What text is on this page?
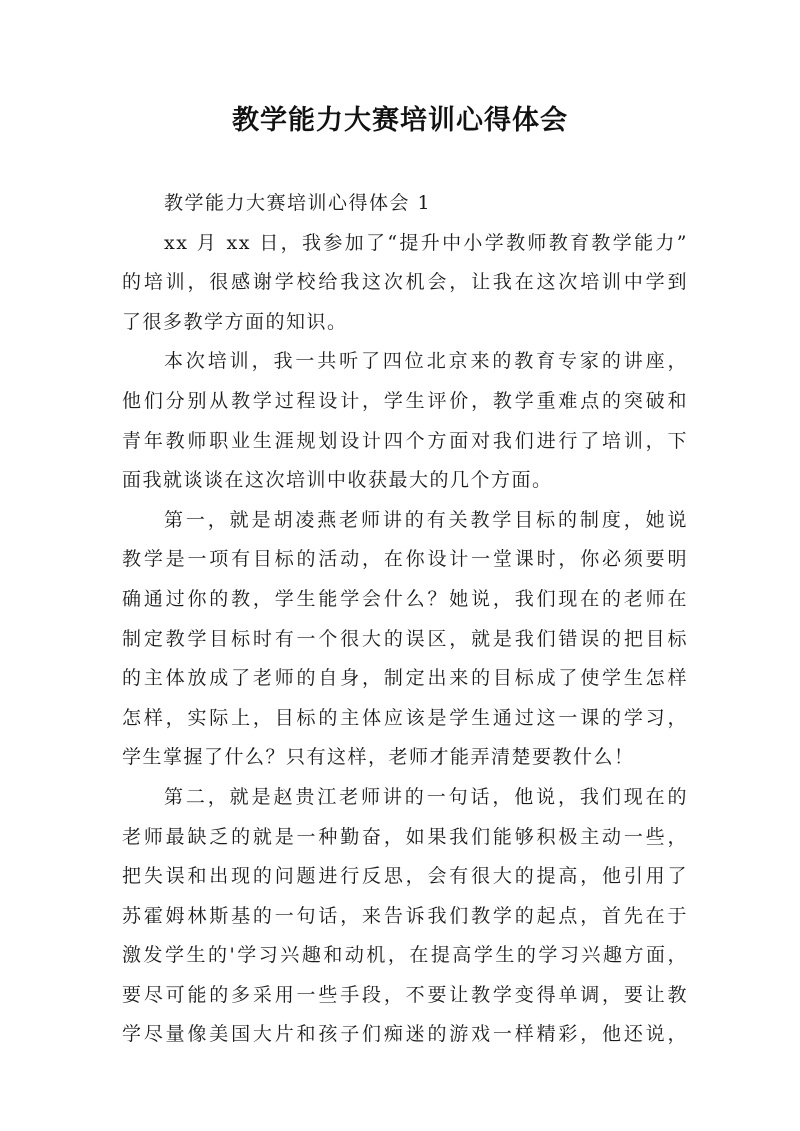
教学能力大赛培训心得体会
教学能力大赛培训心得体会 1
xx 月 xx 日，我参加了“提升中小学教师教育教学能力”
的培训，很感谢学校给我这次机会，让我在这次培训中学到
了很多教学方面的知识。
本次培训，我一共听了四位北京来的教育专家的讲座，
他们分别从教学过程设计，学生评价，教学重难点的突破和
青年教师职业生涯规划设计四个方面对我们进行了培训，下
面我就谈谈在这次培训中收获最大的几个方面。
第一，就是胡凌燕老师讲的有关教学目标的制度，她说
教学是一项有目标的活动，在你设计一堂课时，你必须要明
确通过你的教，学生能学会什么？她说，我们现在的老师在
制定教学目标时有一个很大的误区，就是我们错误的把目标
的主体放成了老师的自身，制定出来的目标成了使学生怎样
怎样，实际上，目标的主体应该是学生通过这一课的学习，
学生掌握了什么？只有这样，老师才能弄清楚要教什么！
第二，就是赵贵江老师讲的一句话，他说，我们现在的
老师最缺乏的就是一种勤奋，如果我们能够积极主动一些，
把失误和出现的问题进行反思，会有很大的提高，他引用了
苏霍姆林斯基的一句话，来告诉我们教学的起点，首先在于
激发学生的'学习兴趣和动机，在提高学生的学习兴趣方面，
要尽可能的多采用一些手段，不要让教学变得单调，要让教
学尽量像美国大片和孩子们痴迷的游戏一样精彩，他还说，
